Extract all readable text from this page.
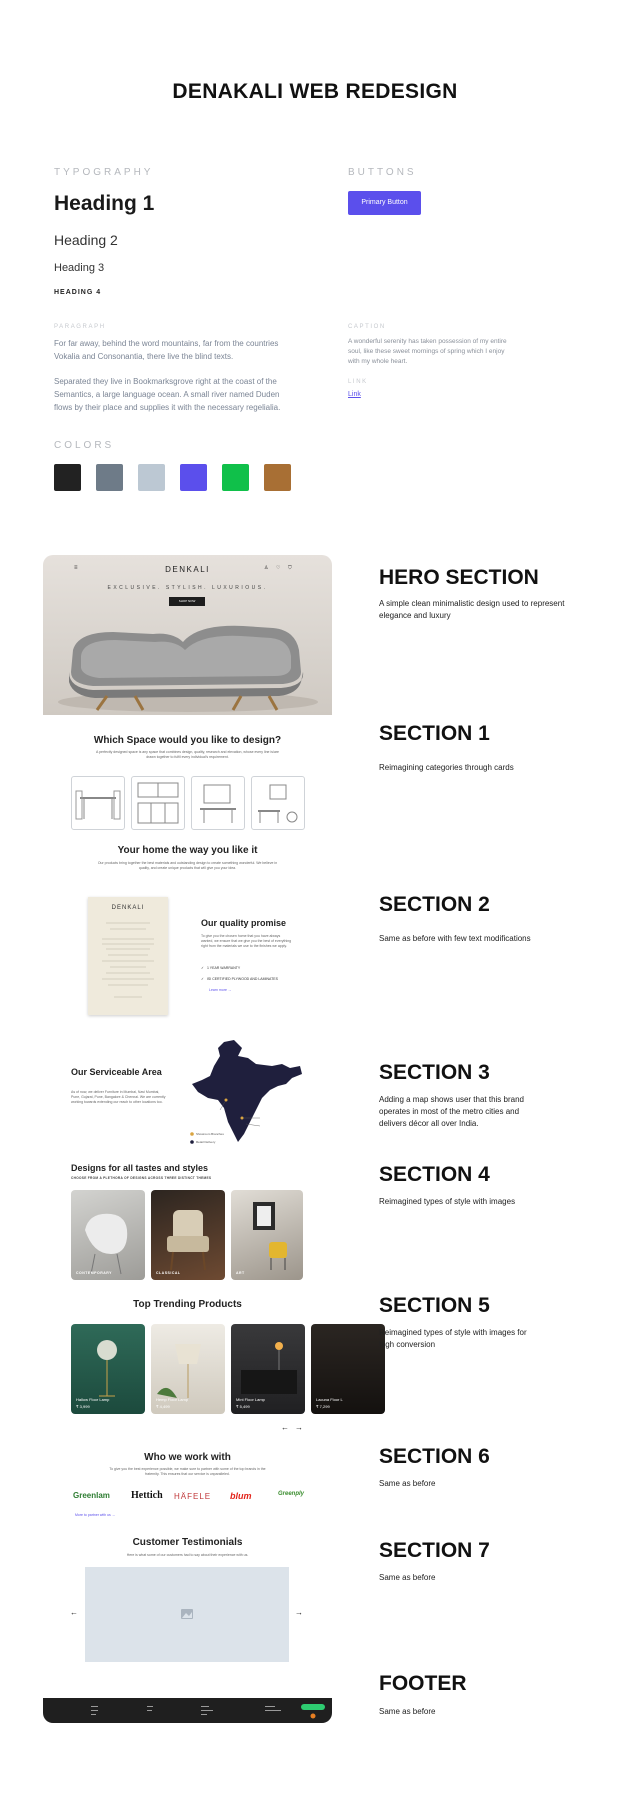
DENAKALI WEB REDESIGN
TYPOGRAPHY	BUTTONS
Heading 1	Primary Button
Heading 2
Heading 3
HEADING 4
PARAGRAPH
For far away, behind the word mountains, far from the countries Vokalia and Consonantia, there live the blind texts.
Separated they live in Bookmarksgrove right at the coast of the Semantics, a large language ocean. A small river named Duden flows by their place and supplies it with the necessary regelialia.
CAPTION
A wonderful serenity has taken possession of my entire soul, like these sweet mornings of spring which I enjoy with my whole heart.
LINK
Link
COLORS
≡	DENKALI	♙ ♡ ⛉
EXCLUSIVE. STYLISH. LUXURIOUS.
SHOP NOW
Which Space would you like to design?
A perfectly designed space is any space that combines design, quality, research and elevation, whose every line is/are drawn together to fulfil every individual's requirement.
Your home the way you like it
Our products bring together the best materials and outstanding design to create something wonderful. We believe in quality, and create unique products that will give you your idea.
DENKALI
Our quality promise
To give you the chosen home that you have always wanted, we ensure that we give you the best of everything right from the materials we use to the finishes we apply.
✓ 1 YEAR WARRANTY
✓ ISI CERTIFIED PLYWOOD AND LAMINATES
Learn more →
Our Serviceable Area
As of now, we deliver Furniture in Mumbai, Navi Mumbai, Pune, Gujarat, Pune, Bangalore & Chennai. We are currently working towards extending our reach to other locations too.
Showroom Branches
Retail Delivery
Designs for all tastes and styles
CHOOSE FROM A PLETHORA OF DESIGNS ACROSS THREE DISTINCT THEMES
CONTEMPORARY	CLASSICAL	ART
Top Trending Products
Hallow Floor Lamp
₹ 3,999
Hemp Floor Lamp
₹ 4,499
Mint Floor Lamp
₹ 5,499
Lacuna Floor L
₹ 7,299
← →
Who we work with
To give you the best experience possible, we make sure to partner with some of the top brands in the fraternity. This ensures that our service is unparalleled.
Greenlam Hettich HÄFELE blum	Greenply
More to partner with us →
Customer Testimonials
Here is what some of our customers had to say about their experience with us.
←	→
HERO SECTION
A simple clean minimalistic design used to represent elegance and luxury
SECTION 1
Reimagining categories through cards
SECTION 2
Same as before with few text modifications
SECTION 3
Adding a map shows user that this brand operates in most of the metro cities and delivers décor all over India.
SECTION 4
Reimagined types of style with images
SECTION 5
Reimagined types of style with images for high conversion
SECTION 6
Same as before
SECTION 7
Same as before
FOOTER
Same as before
